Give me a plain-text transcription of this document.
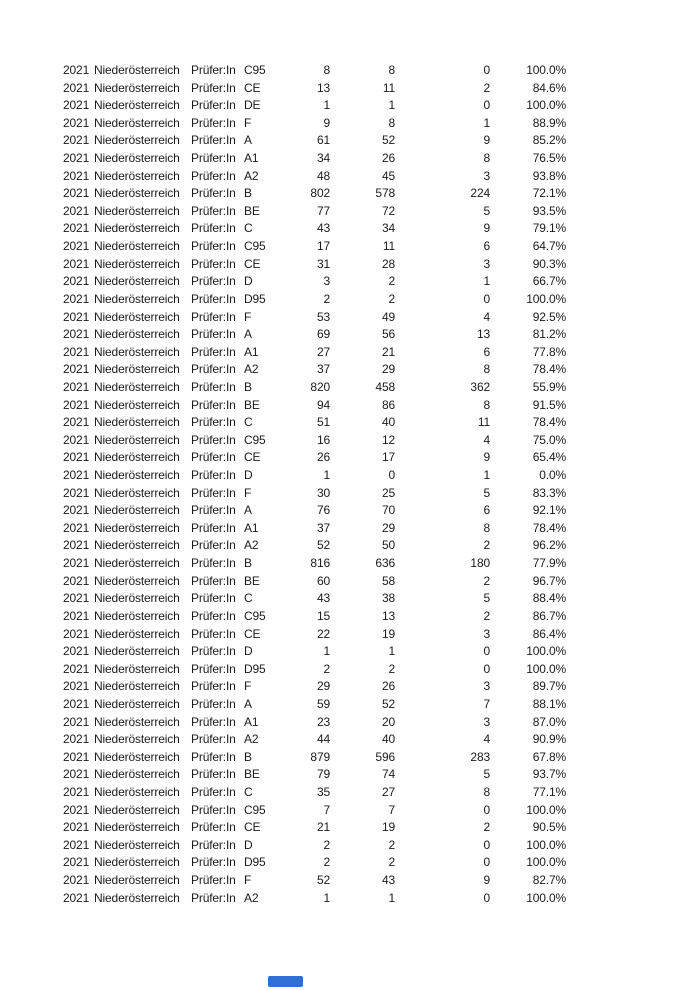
2021 Niederösterreich Prüfer:In C95	8	8	0	100.0%
2021 Niederösterreich Prüfer:In CE	13	11	2	84.6%
2021 Niederösterreich Prüfer:In DE	1	1	0	100.0%
2021 Niederösterreich Prüfer:In F	9	8	1	88.9%
2021 Niederösterreich Prüfer:In A	61	52	9	85.2%
2021 Niederösterreich Prüfer:In A1	34	26	8	76.5%
2021 Niederösterreich Prüfer:In A2	48	45	3	93.8%
2021 Niederösterreich Prüfer:In B	802	578	224	72.1%
2021 Niederösterreich Prüfer:In BE	77	72	5	93.5%
2021 Niederösterreich Prüfer:In C	43	34	9	79.1%
2021 Niederösterreich Prüfer:In C95	17	11	6	64.7%
2021 Niederösterreich Prüfer:In CE	31	28	3	90.3%
2021 Niederösterreich Prüfer:In D	3	2	1	66.7%
2021 Niederösterreich Prüfer:In D95	2	2	0	100.0%
2021 Niederösterreich Prüfer:In F	53	49	4	92.5%
2021 Niederösterreich Prüfer:In A	69	56	13	81.2%
2021 Niederösterreich Prüfer:In A1	27	21	6	77.8%
2021 Niederösterreich Prüfer:In A2	37	29	8	78.4%
2021 Niederösterreich Prüfer:In B	820	458	362	55.9%
2021 Niederösterreich Prüfer:In BE	94	86	8	91.5%
2021 Niederösterreich Prüfer:In C	51	40	11	78.4%
2021 Niederösterreich Prüfer:In C95	16	12	4	75.0%
2021 Niederösterreich Prüfer:In CE	26	17	9	65.4%
2021 Niederösterreich Prüfer:In D	1	0	1	0.0%
2021 Niederösterreich Prüfer:In F	30	25	5	83.3%
2021 Niederösterreich Prüfer:In A	76	70	6	92.1%
2021 Niederösterreich Prüfer:In A1	37	29	8	78.4%
2021 Niederösterreich Prüfer:In A2	52	50	2	96.2%
2021 Niederösterreich Prüfer:In B	816	636	180	77.9%
2021 Niederösterreich Prüfer:In BE	60	58	2	96.7%
2021 Niederösterreich Prüfer:In C	43	38	5	88.4%
2021 Niederösterreich Prüfer:In C95	15	13	2	86.7%
2021 Niederösterreich Prüfer:In CE	22	19	3	86.4%
2021 Niederösterreich Prüfer:In D	1	1	0	100.0%
2021 Niederösterreich Prüfer:In D95	2	2	0	100.0%
2021 Niederösterreich Prüfer:In F	29	26	3	89.7%
2021 Niederösterreich Prüfer:In A	59	52	7	88.1%
2021 Niederösterreich Prüfer:In A1	23	20	3	87.0%
2021 Niederösterreich Prüfer:In A2	44	40	4	90.9%
2021 Niederösterreich Prüfer:In B	879	596	283	67.8%
2021 Niederösterreich Prüfer:In BE	79	74	5	93.7%
2021 Niederösterreich Prüfer:In C	35	27	8	77.1%
2021 Niederösterreich Prüfer:In C95	7	7	0	100.0%
2021 Niederösterreich Prüfer:In CE	21	19	2	90.5%
2021 Niederösterreich Prüfer:In D	2	2	0	100.0%
2021 Niederösterreich Prüfer:In D95	2	2	0	100.0%
2021 Niederösterreich Prüfer:In F	52	43	9	82.7%
2021 Niederösterreich Prüfer:In A2	1	1	0	100.0%
